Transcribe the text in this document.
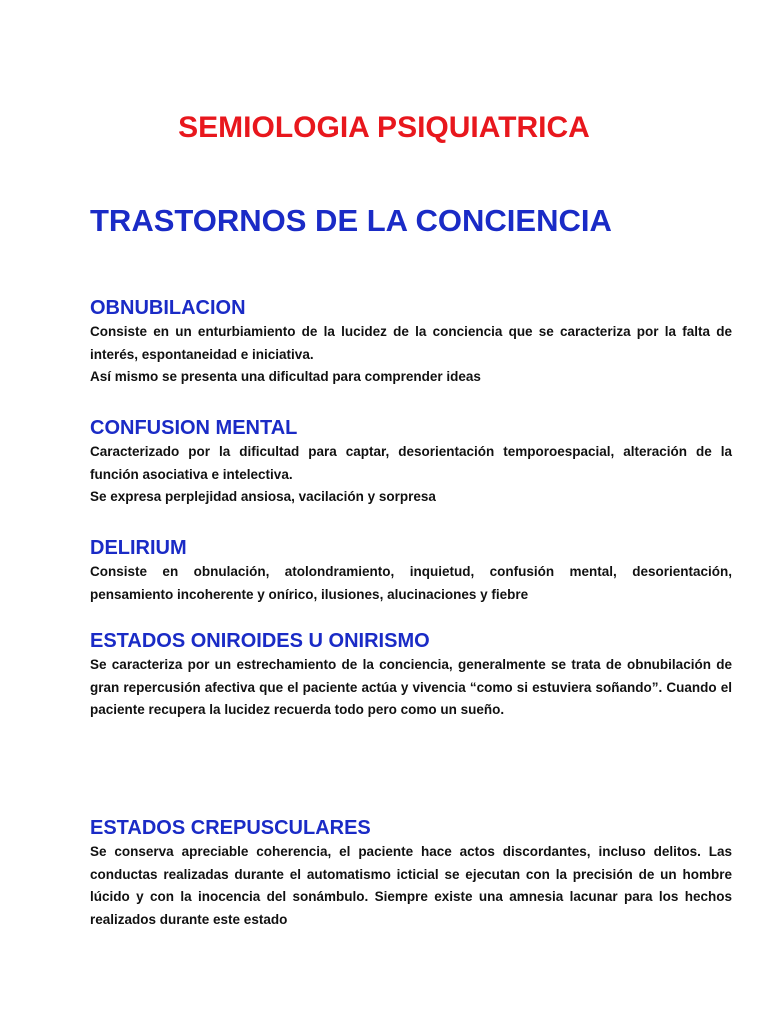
SEMIOLOGIA PSIQUIATRICA
TRASTORNOS DE LA CONCIENCIA
OBNUBILACION

Consiste en un enturbiamiento de la lucidez de la conciencia que se caracteriza por la falta de interés, espontaneidad e iniciativa.

Así mismo se presenta una dificultad para comprender ideas

CONFUSION MENTAL

Caracterizado por la dificultad para captar, desorientación temporoespacial, alteración de la función asociativa e intelectiva.

Se expresa perplejidad ansiosa, vacilación y sorpresa

DELIRIUM

Consiste en obnulación, atolondramiento, inquietud, confusión mental, desorientación, pensamiento incoherente y onírico, ilusiones, alucinaciones y fiebre

ESTADOS ONIROIDES U ONIRISMO

Se caracteriza por un estrechamiento de la conciencia, generalmente se trata de obnubilación de gran repercusión afectiva que el paciente actúa y vivencia “como si estuviera soñando”. Cuando el paciente recupera la lucidez recuerda todo pero como un sueño.

ESTADOS CREPUSCULARES

Se conserva apreciable coherencia, el paciente hace actos discordantes, incluso delitos. Las conductas realizadas durante el automatismo icticial se ejecutan con la precisión de un hombre lúcido y con la inocencia del sonámbulo. Siempre existe una amnesia lacunar para los hechos realizados durante este estado
